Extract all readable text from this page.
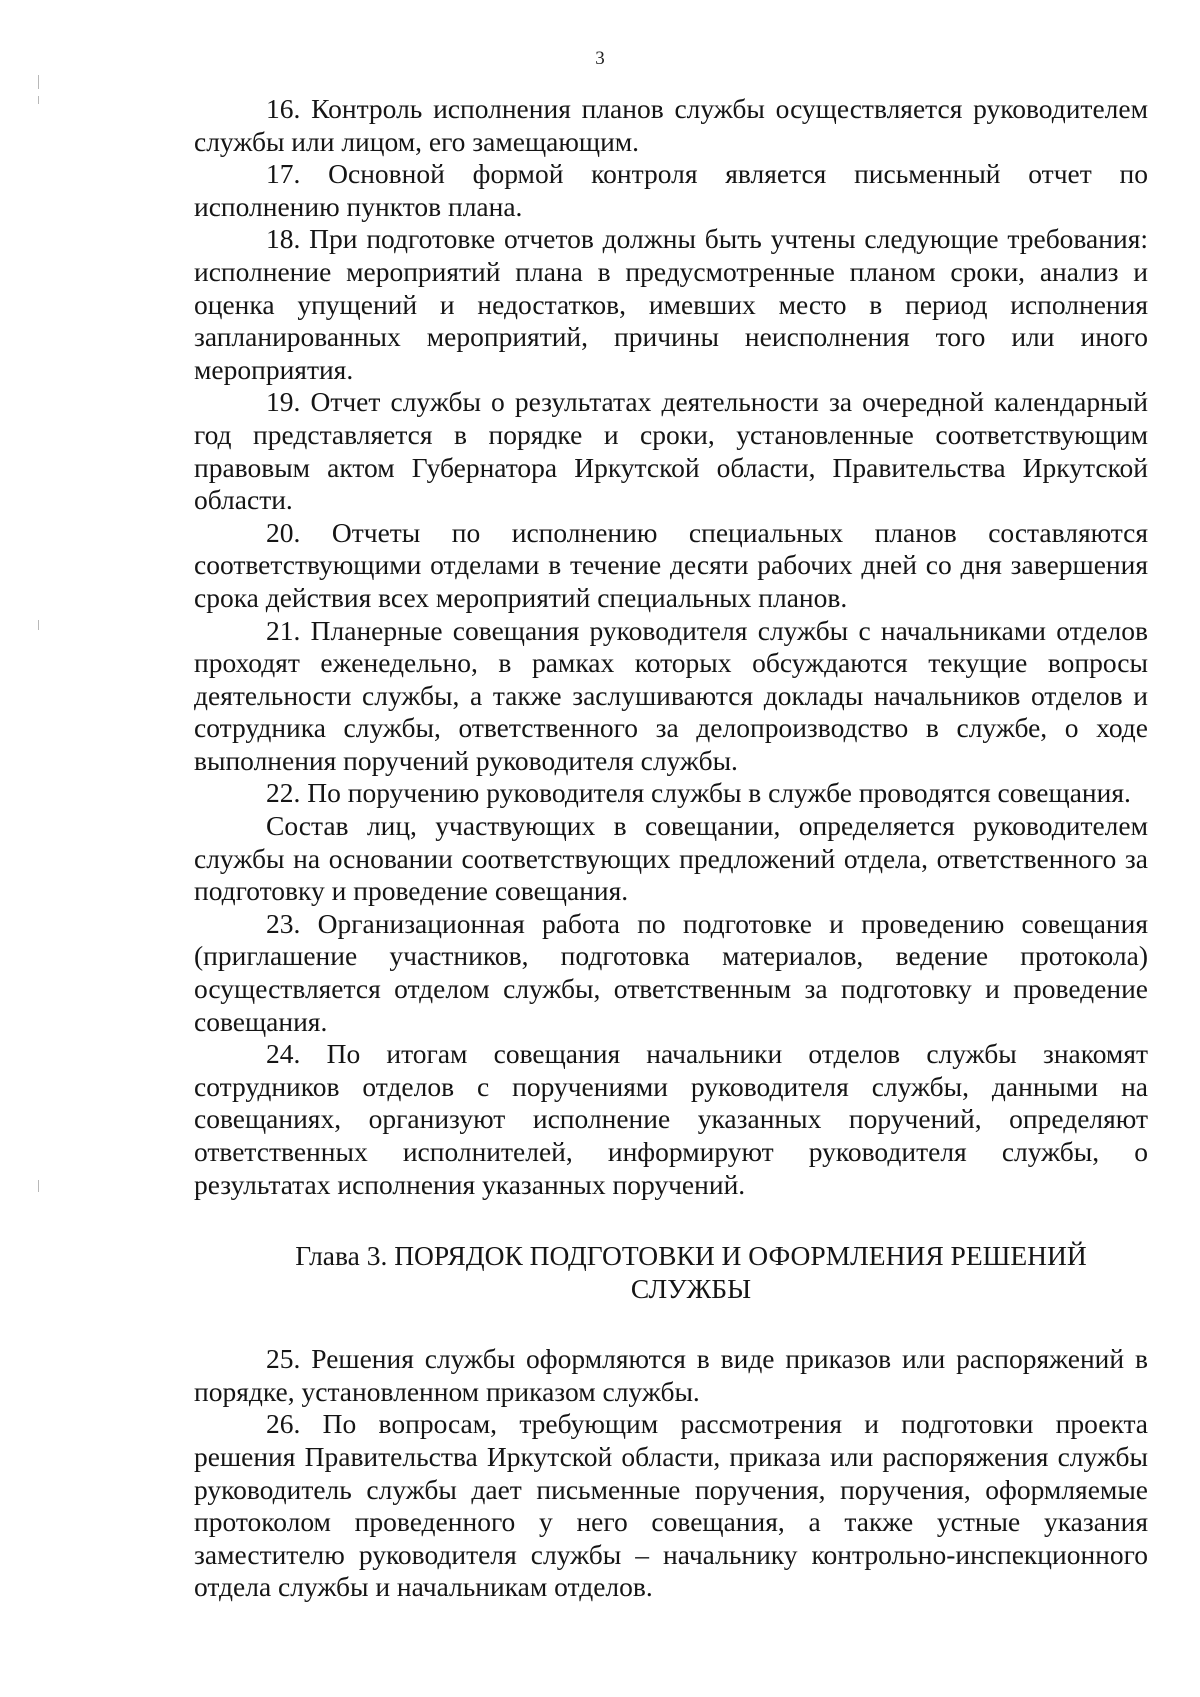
3

16. Контроль исполнения планов службы осуществляется руководителем службы или лицом, его замещающим.

17. Основной формой контроля является письменный отчет по исполнению пунктов плана.

18. При подготовке отчетов должны быть учтены следующие требования: исполнение мероприятий плана в предусмотренные планом сроки, анализ и оценка упущений и недостатков, имевших место в период исполнения запланированных мероприятий, причины неисполнения того или иного мероприятия.

19. Отчет службы о результатах деятельности за очередной календарный год представляется в порядке и сроки, установленные соответствующим правовым актом Губернатора Иркутской области, Правительства Иркутской области.

20. Отчеты по исполнению специальных планов составляются соответствующими отделами в течение десяти рабочих дней со дня завершения срока действия всех мероприятий специальных планов.

21. Планерные совещания руководителя службы с начальниками отделов проходят еженедельно, в рамках которых обсуждаются текущие вопросы деятельности службы, а также заслушиваются доклады начальников отделов и сотрудника службы, ответственного за делопроизводство в службе, о ходе выполнения поручений руководителя службы.

22. По поручению руководителя службы в службе проводятся совещания.

Состав лиц, участвующих в совещании, определяется руководителем службы на основании соответствующих предложений отдела, ответственного за подготовку и проведение совещания.

23. Организационная работа по подготовке и проведению совещания (приглашение участников, подготовка материалов, ведение протокола) осуществляется отделом службы, ответственным за подготовку и проведение совещания.

24. По итогам совещания начальники отделов службы знакомят сотрудников отделов с поручениями руководителя службы, данными на совещаниях, организуют исполнение указанных поручений, определяют ответственных исполнителей, информируют руководителя службы, о результатах исполнения указанных поручений.

Глава 3. ПОРЯДОК ПОДГОТОВКИ И ОФОРМЛЕНИЯ РЕШЕНИЙ
СЛУЖБЫ

25. Решения службы оформляются в виде приказов или распоряжений в порядке, установленном приказом службы.

26. По вопросам, требующим рассмотрения и подготовки проекта решения Правительства Иркутской области, приказа или распоряжения службы руководитель службы дает письменные поручения, поручения, оформляемые протоколом проведенного у него совещания, а также устные указания заместителю руководителя службы – начальнику контрольно-инспекционного отдела службы и начальникам отделов.
